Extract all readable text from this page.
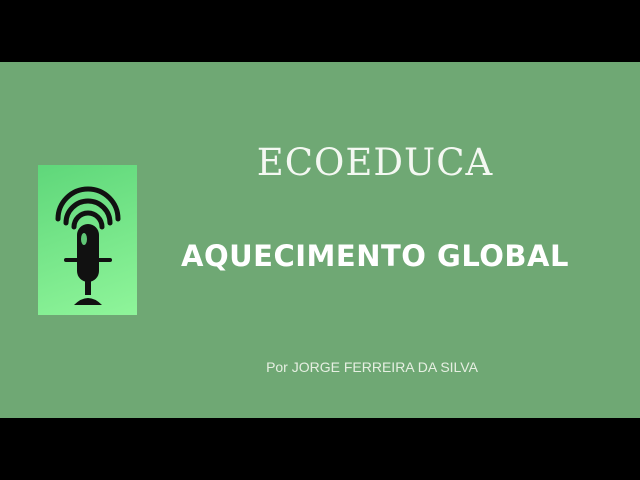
ECOEDUCA
AQUECIMENTO GLOBAL
Por JORGE FERREIRA DA SILVA
